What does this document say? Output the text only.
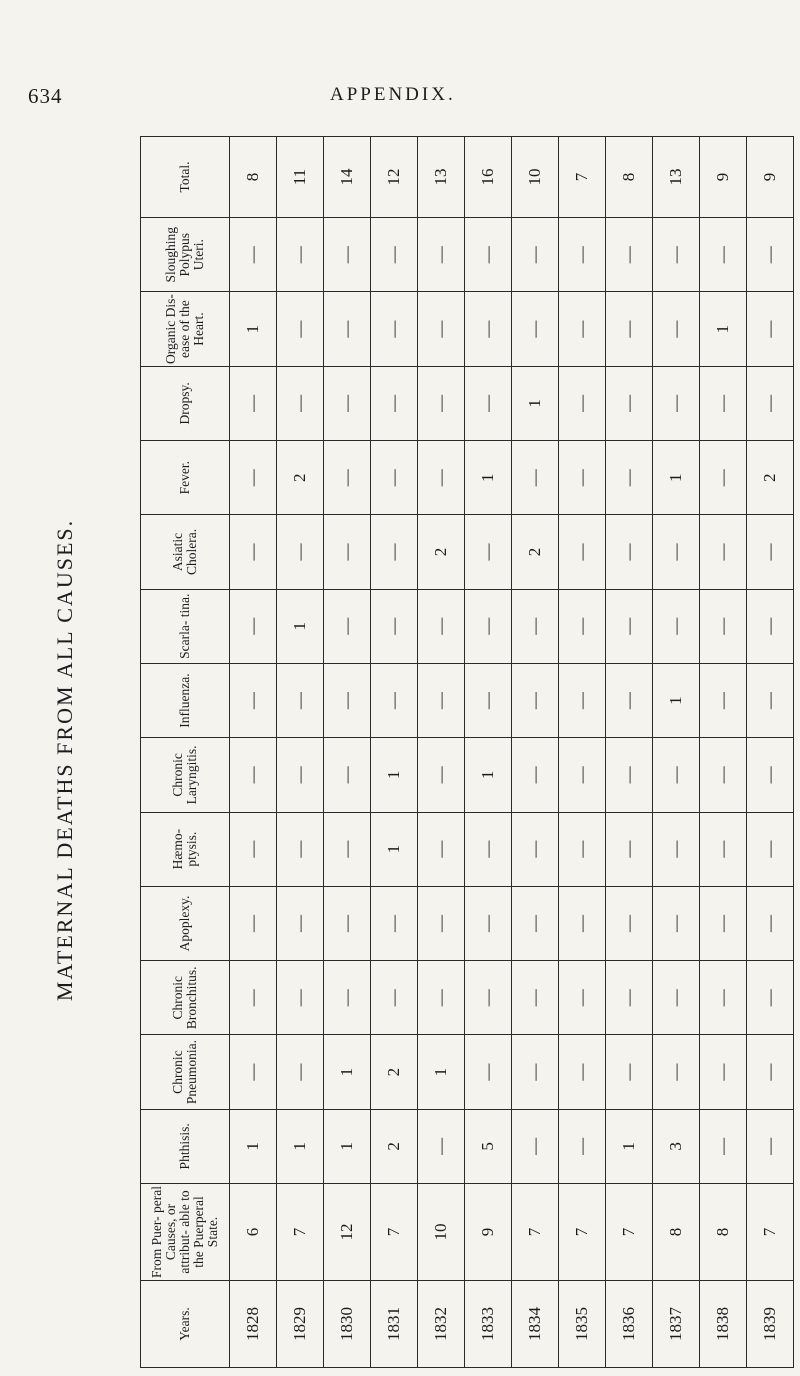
634	APPENDIX.
MATERNAL DEATHS FROM ALL CAUSES.
Years.	From Puer- peral Causes, or attribut- able to the Puerperal State.	Phthisis.	Chronic Pneumonia.	Chronic Bronchitus.	Apoplexy.	Hæmo- ptysis.	Chronic Laryngitis.	Influenza.	Scarla- tina.	Asiatic Cholera.	Fever.	Dropsy.	Organic Dis- ease of the Heart.	Sloughing Polypus Uteri.	Total.
1828	6	1	—	—	—	—	—	—	—	—	—	—	1	—	8
1829	7	1	—	—	—	—	—	—	1	—	2	—	—	—	11
1830	12	1	1	—	—	—	—	—	—	—	—	—	—	—	14
1831	7	2	2	—	—	1	1	—	—	—	—	—	—	—	12
1832	10	—	1	—	—	—	—	—	—	2	—	—	—	—	13
1833	9	5	—	—	—	—	1	—	—	—	1	—	—	—	16
1834	7	—	—	—	—	—	—	—	—	2	—	1	—	—	10
1835	7	—	—	—	—	—	—	—	—	—	—	—	—	—	7
1836	7	1	—	—	—	—	—	—	—	—	—	—	—	—	8
1837	8	3	—	—	—	—	—	1	—	—	1	—	—	—	13
1838	8	—	—	—	—	—	—	—	—	—	—	—	1	—	9
1839	7	—	—	—	—	—	—	—	—	—	2	—	—	—	9
